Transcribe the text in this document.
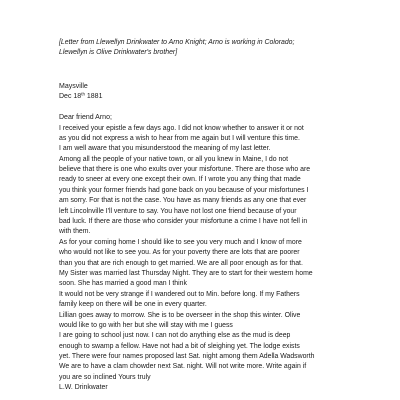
[Letter from Llewellyn Drinkwater to Arno Knight; Arno is working in Colorado;
Llewellyn is Olive Drinkwater's brother]
Maysville
Dec 18th 1881
Dear friend Arno;
I received your epistle a few days ago. I did not know whether to answer it or not
as you did not express a wish to hear from me again but I will venture this time.
I am well aware that you misunderstood the meaning of my last letter.
Among all the people of your native town, or all you knew in Maine, I do not
believe that there is one who exults over your misfortune. There are those who are
ready to sneer at every one except their own. If I wrote you any thing that made
you think your former friends had gone back on you because of your misfortunes I
am sorry. For that is not the case. You have as many friends as any one that ever
left Lincolnville I'll venture to say. You have not lost one friend because of your
bad luck. If there are those who consider your misfortune a crime I have not fell in
with them.
As for your coming home I should like to see you very much and I know of more
who would not like to see you. As for your poverty there are lots that are poorer
than you that are rich enough to get married. We are all poor enough as for that.
My Sister was married last Thursday Night. They are to start for their western home
soon. She has married a good man I think
It would not be very strange if I wandered out to Min. before long. If my Fathers
family keep on there will be one in every quarter.
Lillian goes away to morrow. She is to be overseer in the shop this winter. Olive
would like to go with her but she will stay with me I guess
I are going to school just now. I can not do anything else as the mud is deep
enough to swamp a fellow. Have not had a bit of sleighing yet. The lodge exists
yet. There were four names proposed last Sat. night among them Adella Wadsworth
We are to have a clam chowder next Sat. night. Will not write more. Write again if
you are so inclined Yours truly
L.W. Drinkwater
